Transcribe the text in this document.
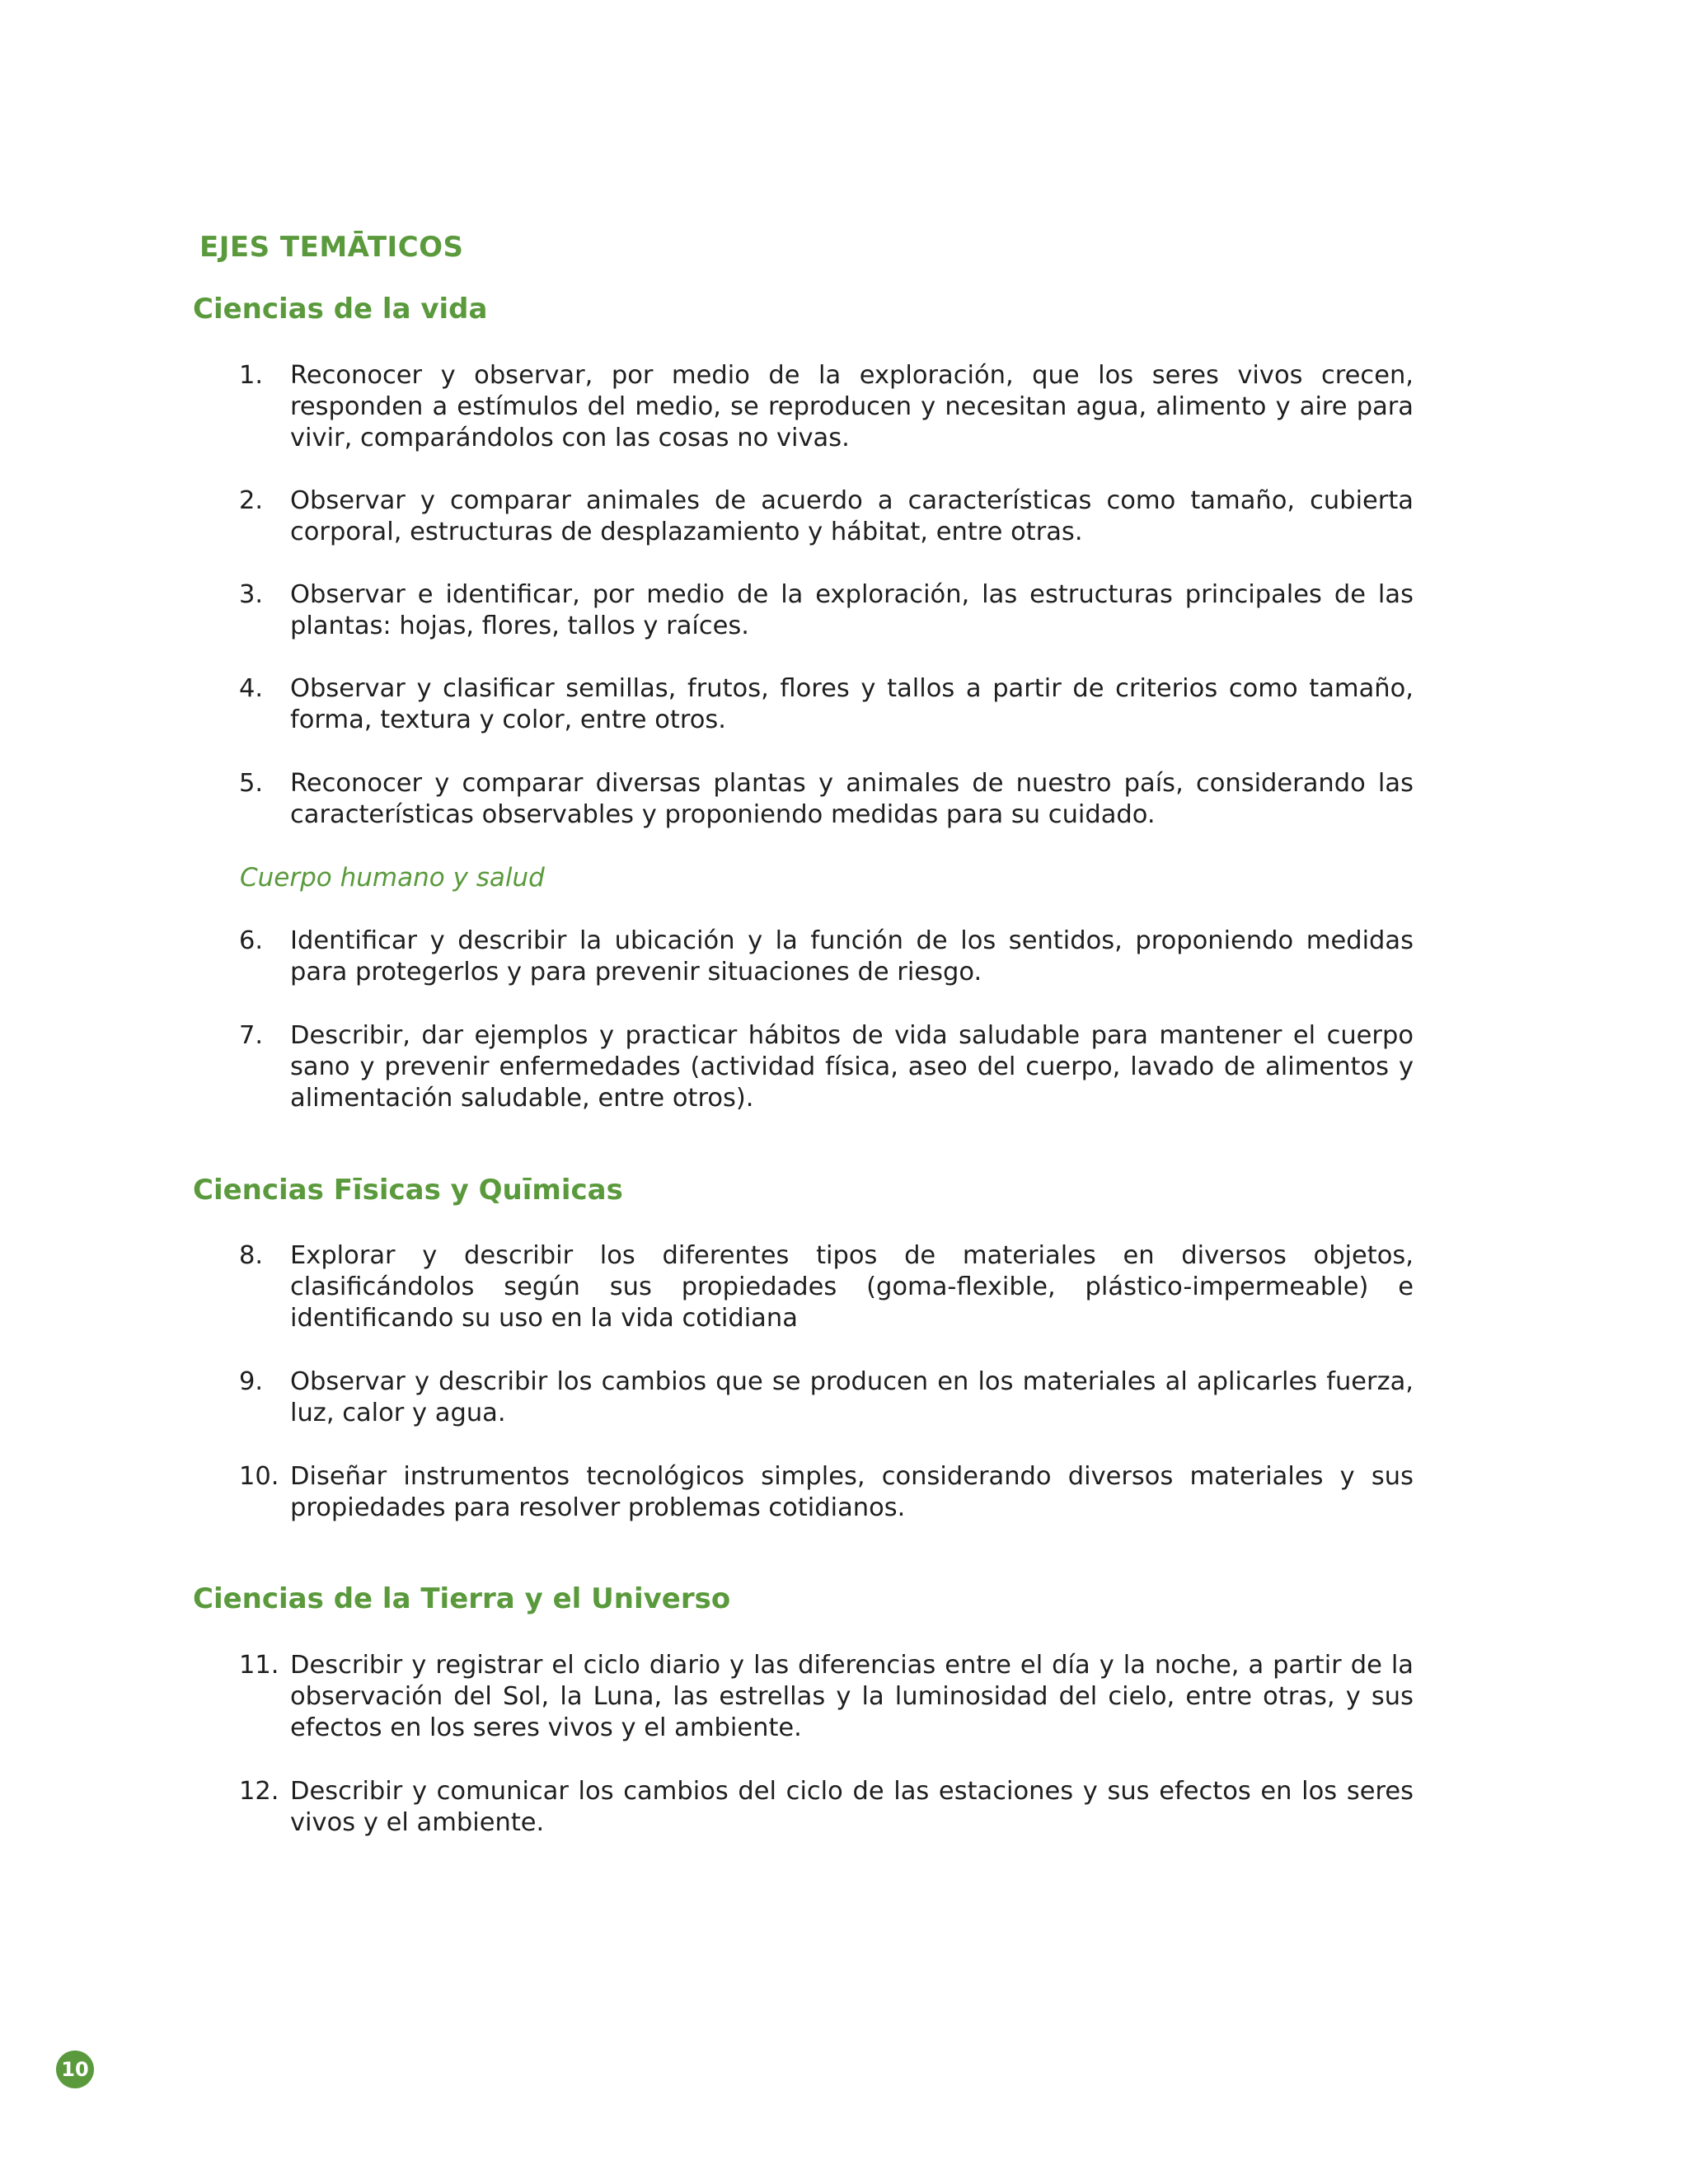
EJES TEMĀTICOS
Ciencias de la vida
1.	Reconocer y observar, por medio de la exploración, que los seres vivos crecen, responden a estímulos del medio, se reproducen y necesitan agua, alimento y aire para vivir, comparándolos con las cosas no vivas.
2.	Observar y comparar animales de acuerdo a características como tamaño, cubierta corporal, estructuras de desplazamiento y hábitat, entre otras.
3.	Observar e identificar, por medio de la exploración, las estructuras principales de las plantas: hojas, flores, tallos y raíces.
4.	Observar y clasificar semillas, frutos, flores y tallos a partir de criterios como tamaño, forma, textura y color, entre otros.
5.	Reconocer y comparar diversas plantas y animales de nuestro país, considerando las características observables y proponiendo medidas para su cuidado.
Cuerpo humano y salud
6.	Identificar y describir la ubicación y la función de los sentidos, proponiendo medidas para protegerlos y para prevenir situaciones de riesgo.
7.	Describir, dar ejemplos y practicar hábitos de vida saludable para mantener el cuerpo sano y prevenir enfermedades (actividad física, aseo del cuerpo, lavado de alimentos y alimentación saludable, entre otros).
Ciencias Fīsicas y Quīmicas
8.	Explorar y describir los diferentes tipos de materiales en diversos objetos, clasificándolos según sus propiedades (goma-flexible, plástico-impermeable) e identificando su uso en la vida cotidiana
9.	Observar y describir los cambios que se producen en los materiales al aplicarles fuerza, luz, calor y agua.
10. Diseñar instrumentos tecnológicos simples, considerando diversos materiales y sus propiedades para resolver problemas cotidianos.
Ciencias de la Tierra y el Universo
11. Describir y registrar el ciclo diario y las diferencias entre el día y la noche, a partir de la observación del Sol, la Luna, las estrellas y la luminosidad del cielo, entre otras, y sus efectos en los seres vivos y el ambiente.
12. Describir y comunicar los cambios del ciclo de las estaciones y sus efectos en los seres vivos y el ambiente.
10
